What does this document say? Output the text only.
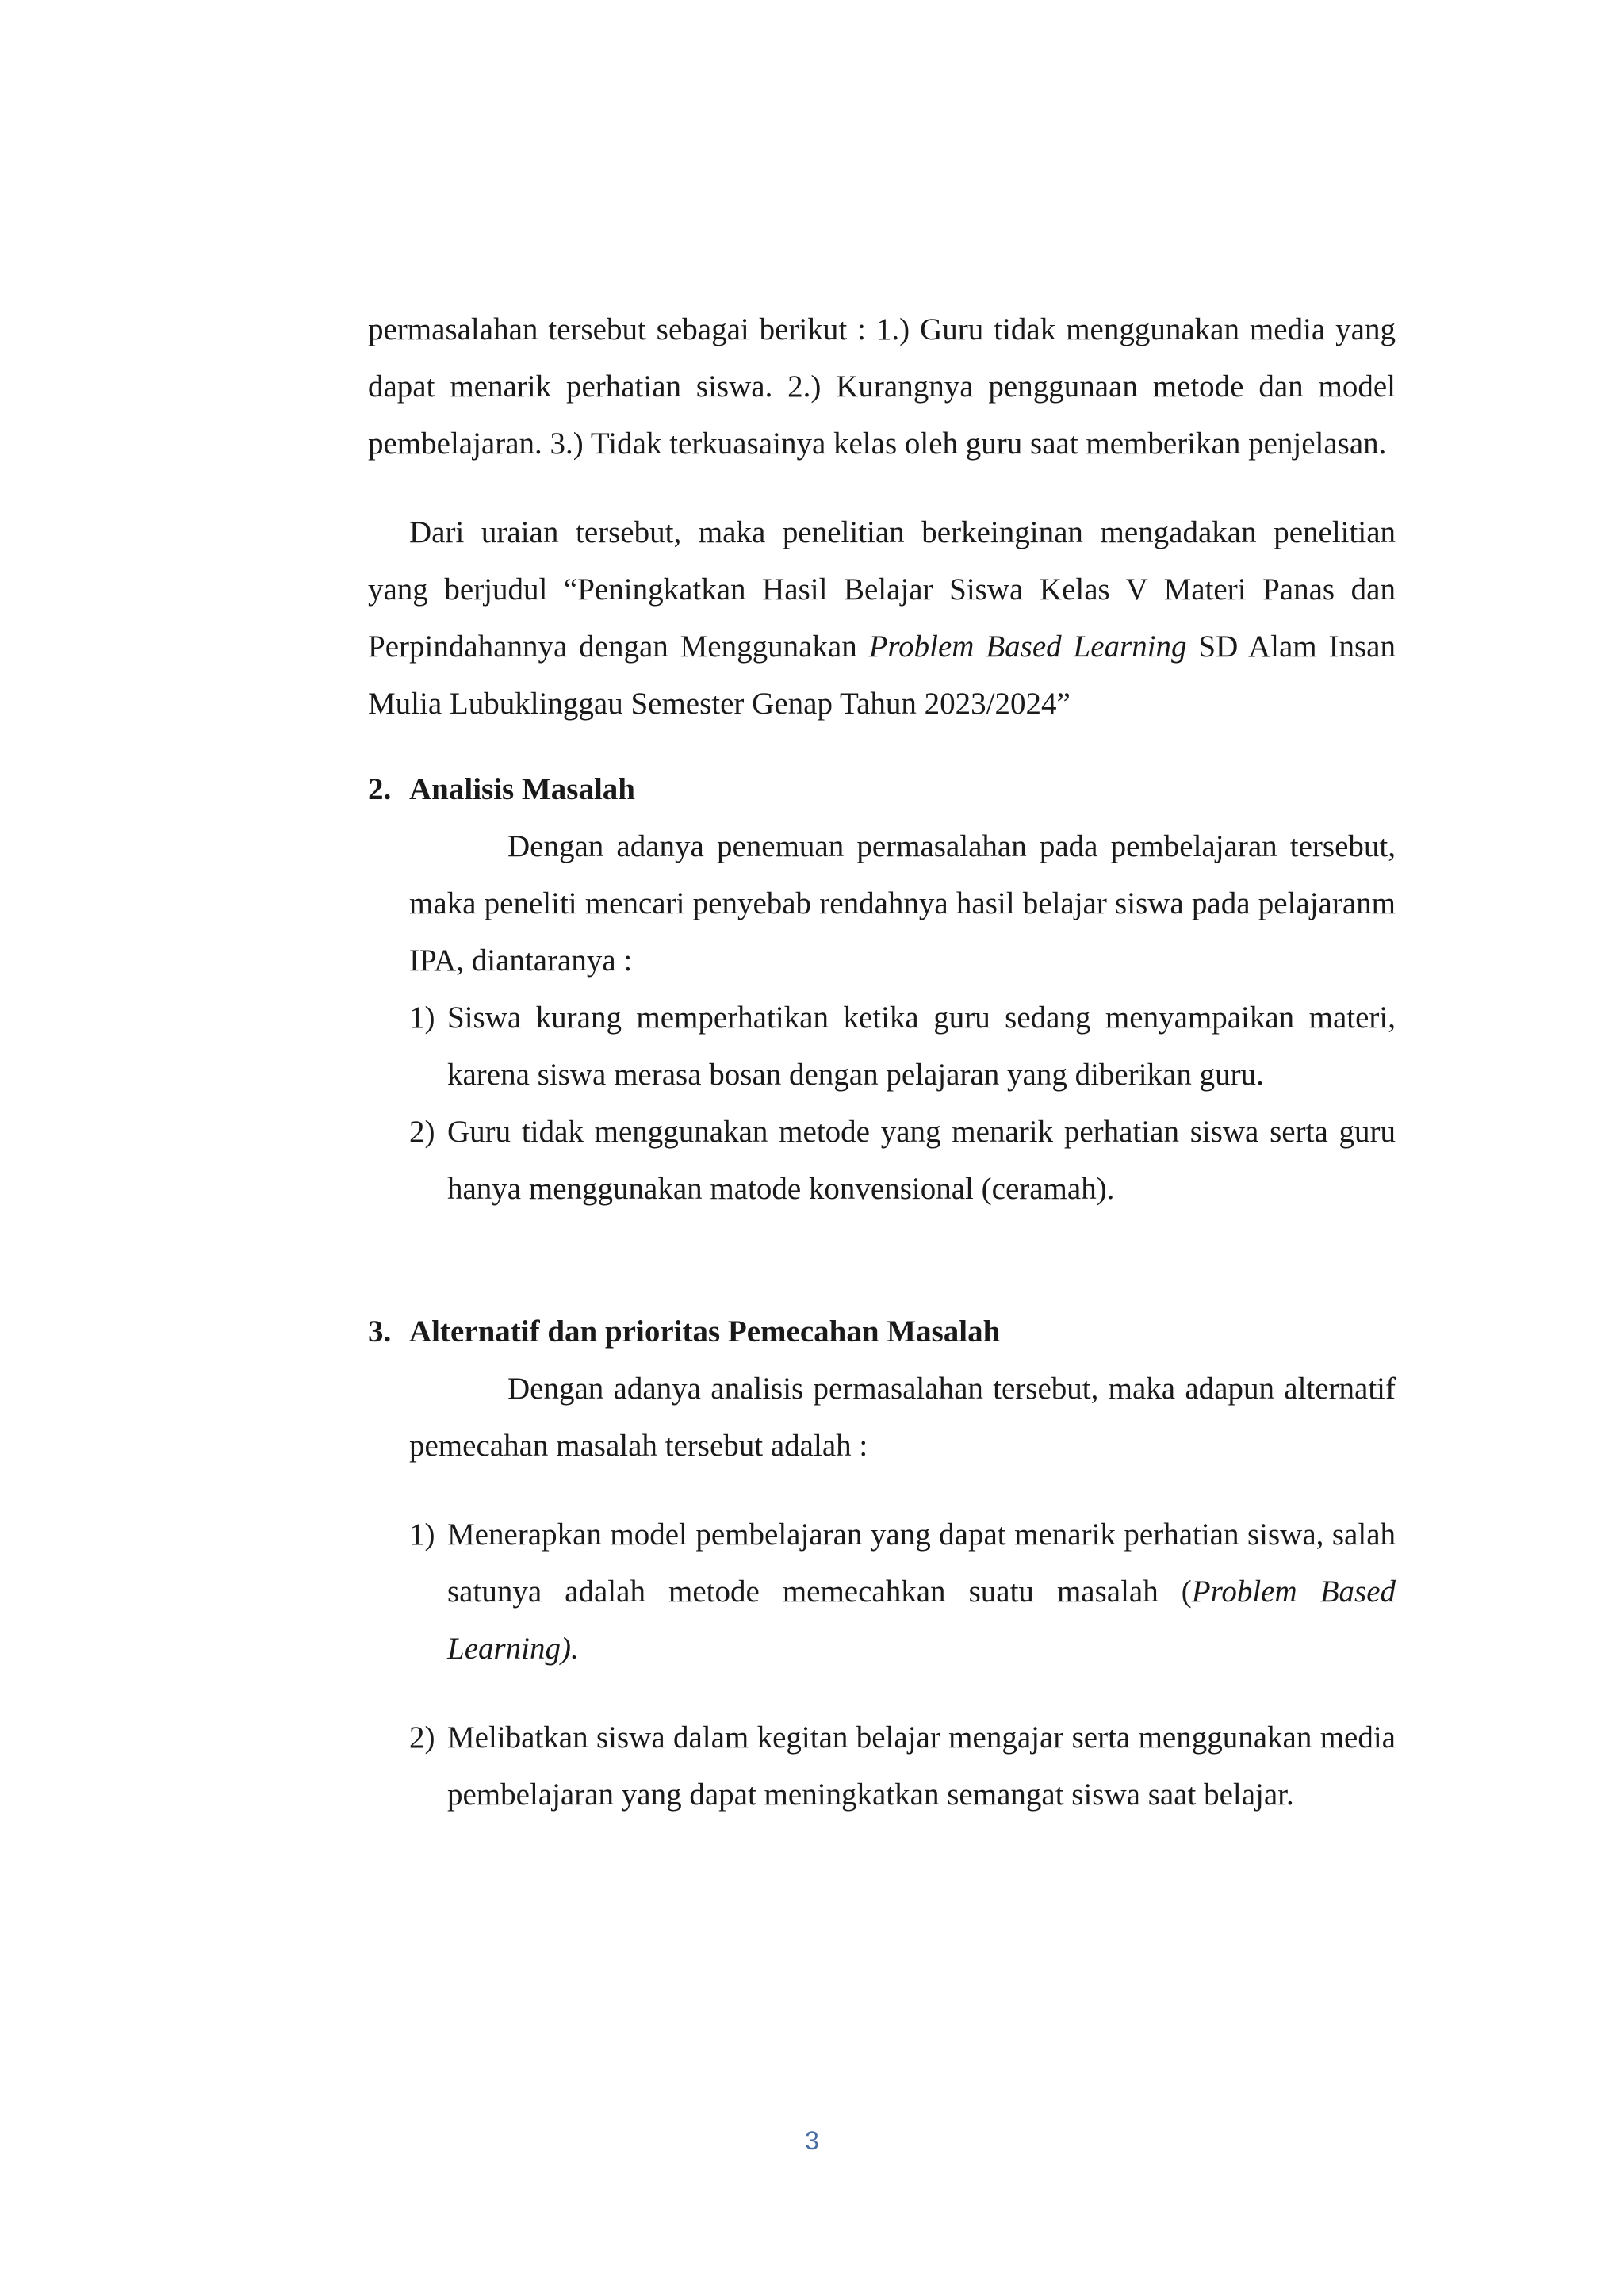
permasalahan tersebut sebagai berikut : 1.) Guru tidak menggunakan media yang dapat menarik perhatian siswa. 2.) Kurangnya penggunaan metode dan model pembelajaran. 3.) Tidak terkuasainya kelas oleh guru saat memberikan penjelasan.

Dari uraian tersebut, maka penelitian berkeinginan mengadakan penelitian yang berjudul “Peningkatkan Hasil Belajar Siswa Kelas V Materi Panas dan Perpindahannya dengan Menggunakan Problem Based Learning SD Alam Insan Mulia Lubuklinggau Semester Genap Tahun 2023/2024”

2. Analisis Masalah

Dengan adanya penemuan permasalahan pada pembelajaran tersebut, maka peneliti mencari penyebab rendahnya hasil belajar siswa pada pelajaranm IPA, diantaranya :

1) Siswa kurang memperhatikan ketika guru sedang menyampaikan materi, karena siswa merasa bosan dengan pelajaran yang diberikan guru.
2) Guru tidak menggunakan metode yang menarik perhatian siswa serta guru hanya menggunakan matode konvensional (ceramah).
3. Alternatif dan prioritas Pemecahan Masalah

Dengan adanya analisis permasalahan tersebut, maka adapun alternatif pemecahan masalah tersebut adalah :

1) Menerapkan model pembelajaran yang dapat menarik perhatian siswa, salah satunya adalah metode memecahkan suatu masalah (Problem Based Learning).
2) Melibatkan siswa dalam kegitan belajar mengajar serta menggunakan media pembelajaran yang dapat meningkatkan semangat siswa saat belajar.
3
